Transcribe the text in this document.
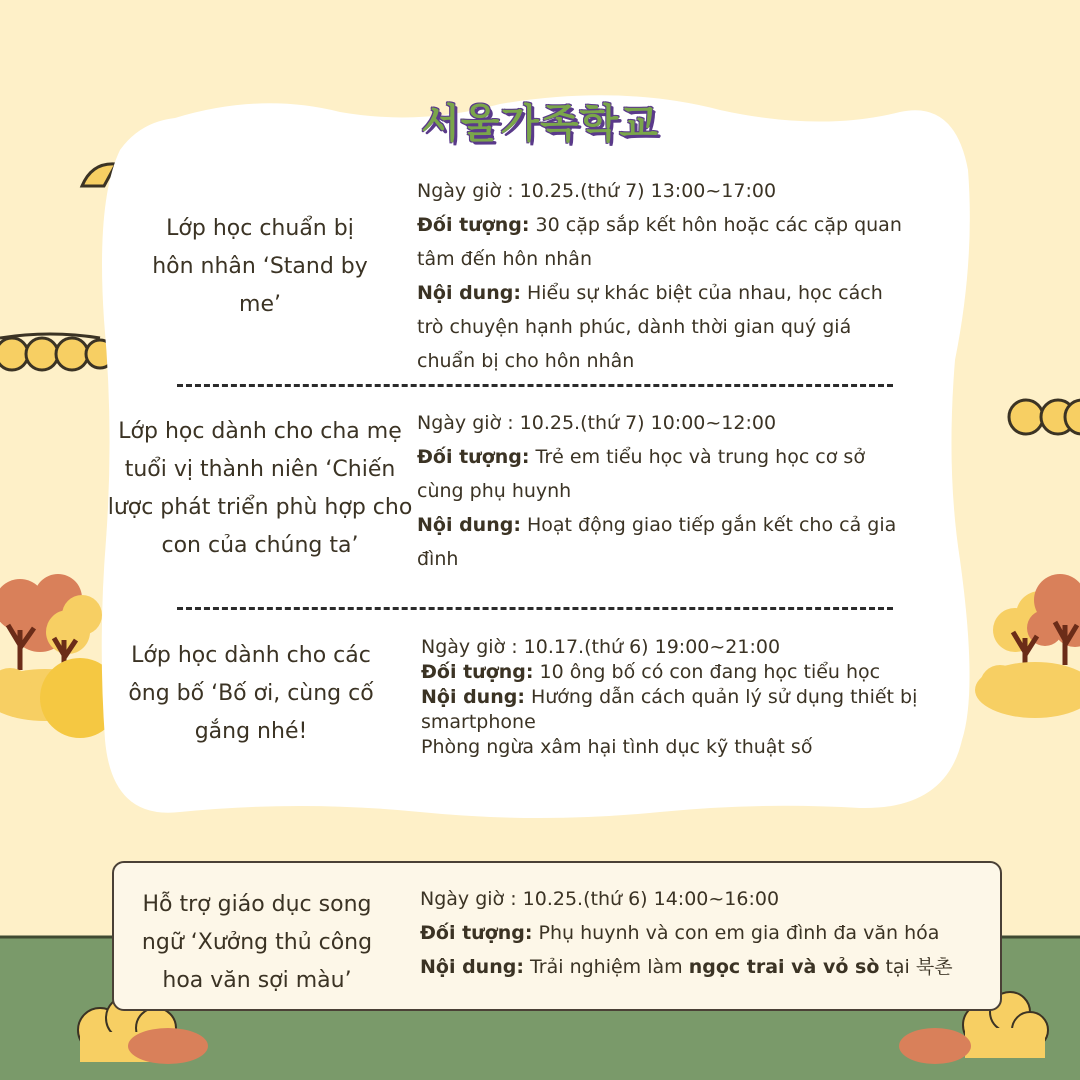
서울가족학교
Lớp học chuẩn bị hôn nhân ‘Stand by me’

Ngày giờ : 10.25.(thứ 7) 13:00~17:00

Đối tượng: 30 cặp sắp kết hôn hoặc các cặp quan tâm đến hôn nhân

Nội dung: Hiểu sự khác biệt của nhau, học cách trò chuyện hạnh phúc, dành thời gian quý giá chuẩn bị cho hôn nhân

Lớp học dành cho cha mẹ tuổi vị thành niên ‘Chiến lược phát triển phù hợp cho con của chúng ta’

Ngày giờ : 10.25.(thứ 7) 10:00~12:00

Đối tượng: Trẻ em tiểu học và trung học cơ sở cùng phụ huynh

Nội dung: Hoạt động giao tiếp gắn kết cho cả gia đình

Lớp học dành cho các ông bố ‘Bố ơi, cùng cố gắng nhé!

Ngày giờ : 10.17.(thứ 6) 19:00~21:00

Đối tượng: 10 ông bố có con đang học tiểu học

Nội dung: Hướng dẫn cách quản lý sử dụng thiết bị smartphone

Phòng ngừa xâm hại tình dục kỹ thuật số

Hỗ trợ giáo dục song ngữ ‘Xưởng thủ công hoa văn sợi màu’

Ngày giờ : 10.25.(thứ 6) 14:00~16:00

Đối tượng: Phụ huynh và con em gia đình đa văn hóa

Nội dung: Trải nghiệm làm ngọc trai và vỏ sò tại 북촌
